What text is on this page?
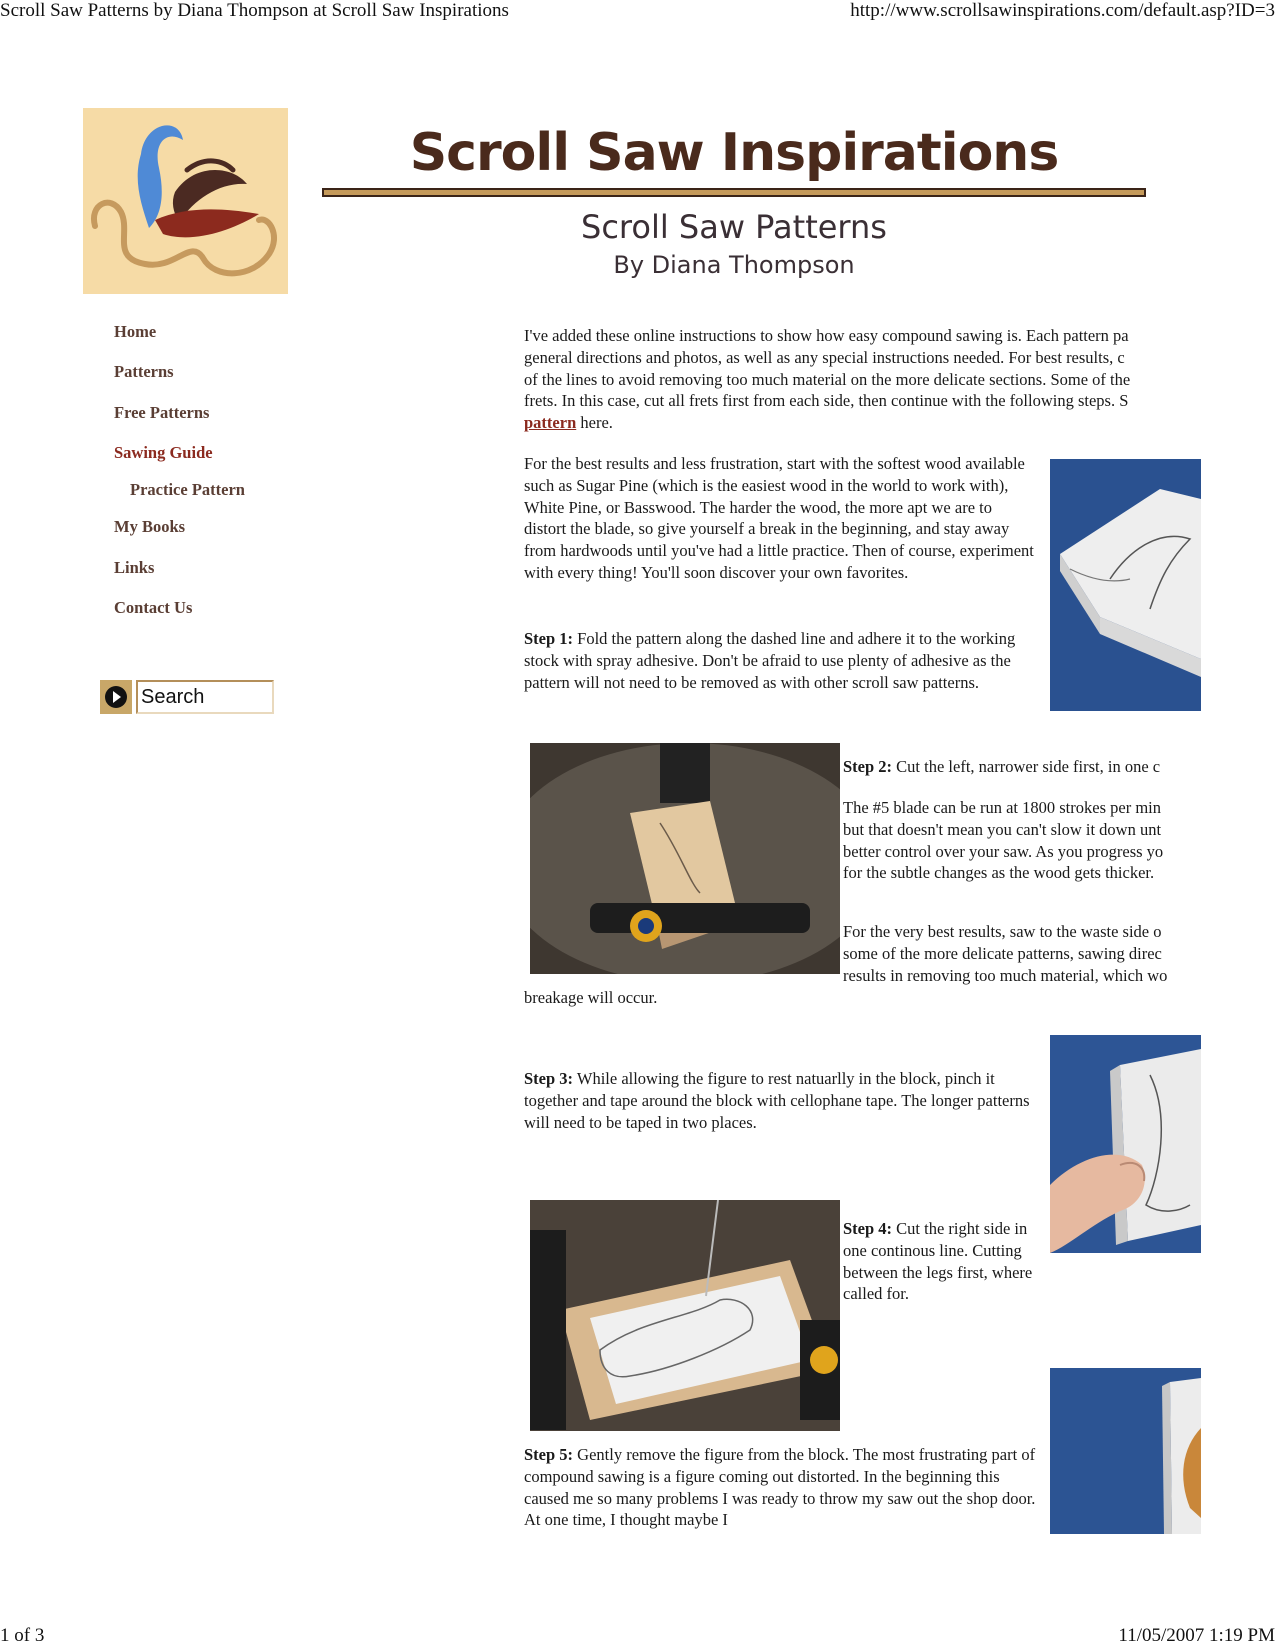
Scroll Saw Patterns by Diana Thompson at Scroll Saw Inspirations	http://www.scrollsawinspirations.com/default.asp?ID=3
Scroll Saw Inspirations
Scroll Saw Patterns
By Diana Thompson
Home
Patterns
Free Patterns
Sawing Guide
Practice Pattern
My Books
Links
Contact Us
Search
I've added these online instructions to show how easy compound sawing is. Each pattern pa
general directions and photos, as well as any special instructions needed. For best results, c
of the lines to avoid removing too much material on the more delicate sections. Some of the
frets. In this case, cut all frets first from each side, then continue with the following steps. S
pattern here.
For the best results and less frustration, start with the softest wood available such as Sugar Pine (which is the easiest wood in the world to work with), White Pine, or Basswood. The harder the wood, the more apt we are to distort the blade, so give yourself a break in the beginning, and stay away from hardwoods until you've had a little practice. Then of course, experiment with every thing! You'll soon discover your own favorites.
Step 1: Fold the pattern along the dashed line and adhere it to the working stock with spray adhesive. Don't be afraid to use plenty of adhesive as the pattern will not need to be removed as with other scroll saw patterns.
Step 2: Cut the left, narrower side first, in one c
The #5 blade can be run at 1800 strokes per min
but that doesn't mean you can't slow it down unt
better control over your saw. As you progress yo
for the subtle changes as the wood gets thicker.
For the very best results, saw to the waste side o
some of the more delicate patterns, sawing direc
results in removing too much material, which wo
breakage will occur.
Step 3: While allowing the figure to rest natuarlly in the block, pinch it together and tape around the block with cellophane tape. The longer patterns will need to be taped in two places.
Step 4: Cut the right side in one continous line. Cutting between the legs first, where called for.
Step 5: Gently remove the figure from the block. The most frustrating part of compound sawing is a figure coming out distorted. In the beginning this caused me so many problems I was ready to throw my saw out the shop door. At one time, I thought maybe I
1 of 3	11/05/2007 1:19 PM
